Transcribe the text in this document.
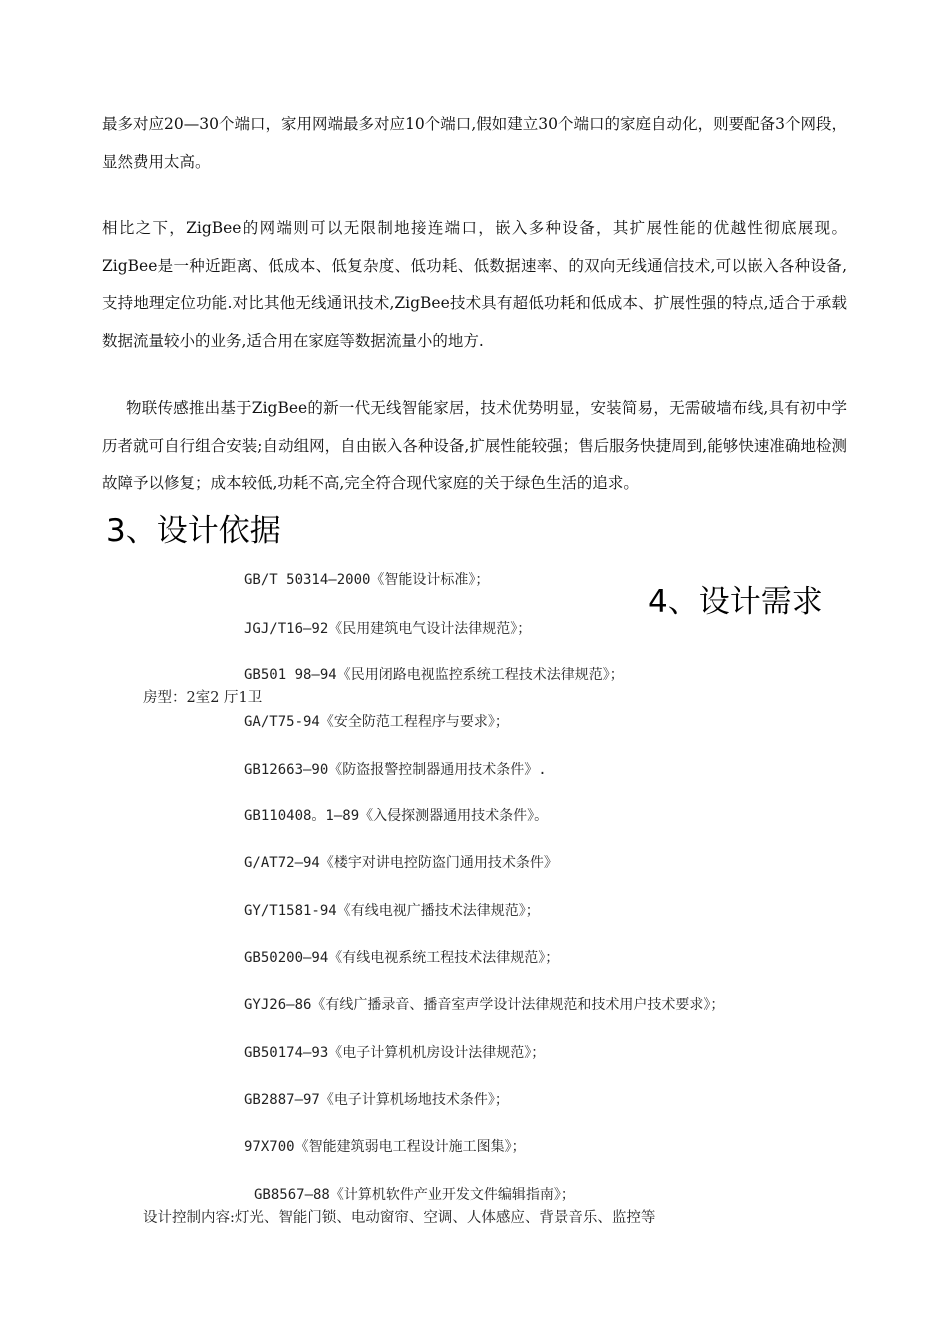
最多对应20—30个端口，家用网端最多对应10个端口,假如建立30个端口的家庭自动化，则要配备3个网段，显然费用太高。

相比之下，ZigBee的网端则可以无限制地接连端口，嵌入多种设备，其扩展性能的优越性彻底展现。ZigBee是一种近距离、低成本、低复杂度、低功耗、低数据速率、的双向无线通信技术,可以嵌入各种设备,支持地理定位功能.对比其他无线通讯技术,ZigBee技术具有超低功耗和低成本、扩展性强的特点,适合于承载数据流量较小的业务,适合用在家庭等数据流量小的地方.

物联传感推出基于ZigBee的新一代无线智能家居，技术优势明显，安装简易，无需破墙布线,具有初中学历者就可自行组合安装;自动组网，自由嵌入各种设备,扩展性能较强；售后服务快捷周到,能够快速准确地检测故障予以修复；成本较低,功耗不高,完全符合现代家庭的关于绿色生活的追求。

3、设计依据
4、设计需求

GB/T 50314—2000《智能设计标准》；

JGJ/T16—92《民用建筑电气设计法律规范》；

GB501 98—94《民用闭路电视监控系统工程技术法律规范》；

GA/T75-94《安全防范工程程序与要求》；

GB12663—90《防盗报警控制器通用技术条件》.

GB110408。1—89《入侵探测器通用技术条件》。

G/AT72—94《楼宇对讲电控防盗门通用技术条件》

GY/T1581-94《有线电视广播技术法律规范》；

GB50200—94《有线电视系统工程技术法律规范》；

GYJ26—86《有线广播录音、播音室声学设计法律规范和技术用户技术要求》；

GB50174—93《电子计算机机房设计法律规范》；

GB2887—97《电子计算机场地技术条件》；

97X700《智能建筑弱电工程设计施工图集》；

GB8567—88《计算机软件产业开发文件编辑指南》；

房型：2室2 厅1卫

设计控制内容:灯光、智能门锁、电动窗帘、空调、人体感应、背景音乐、监控等
